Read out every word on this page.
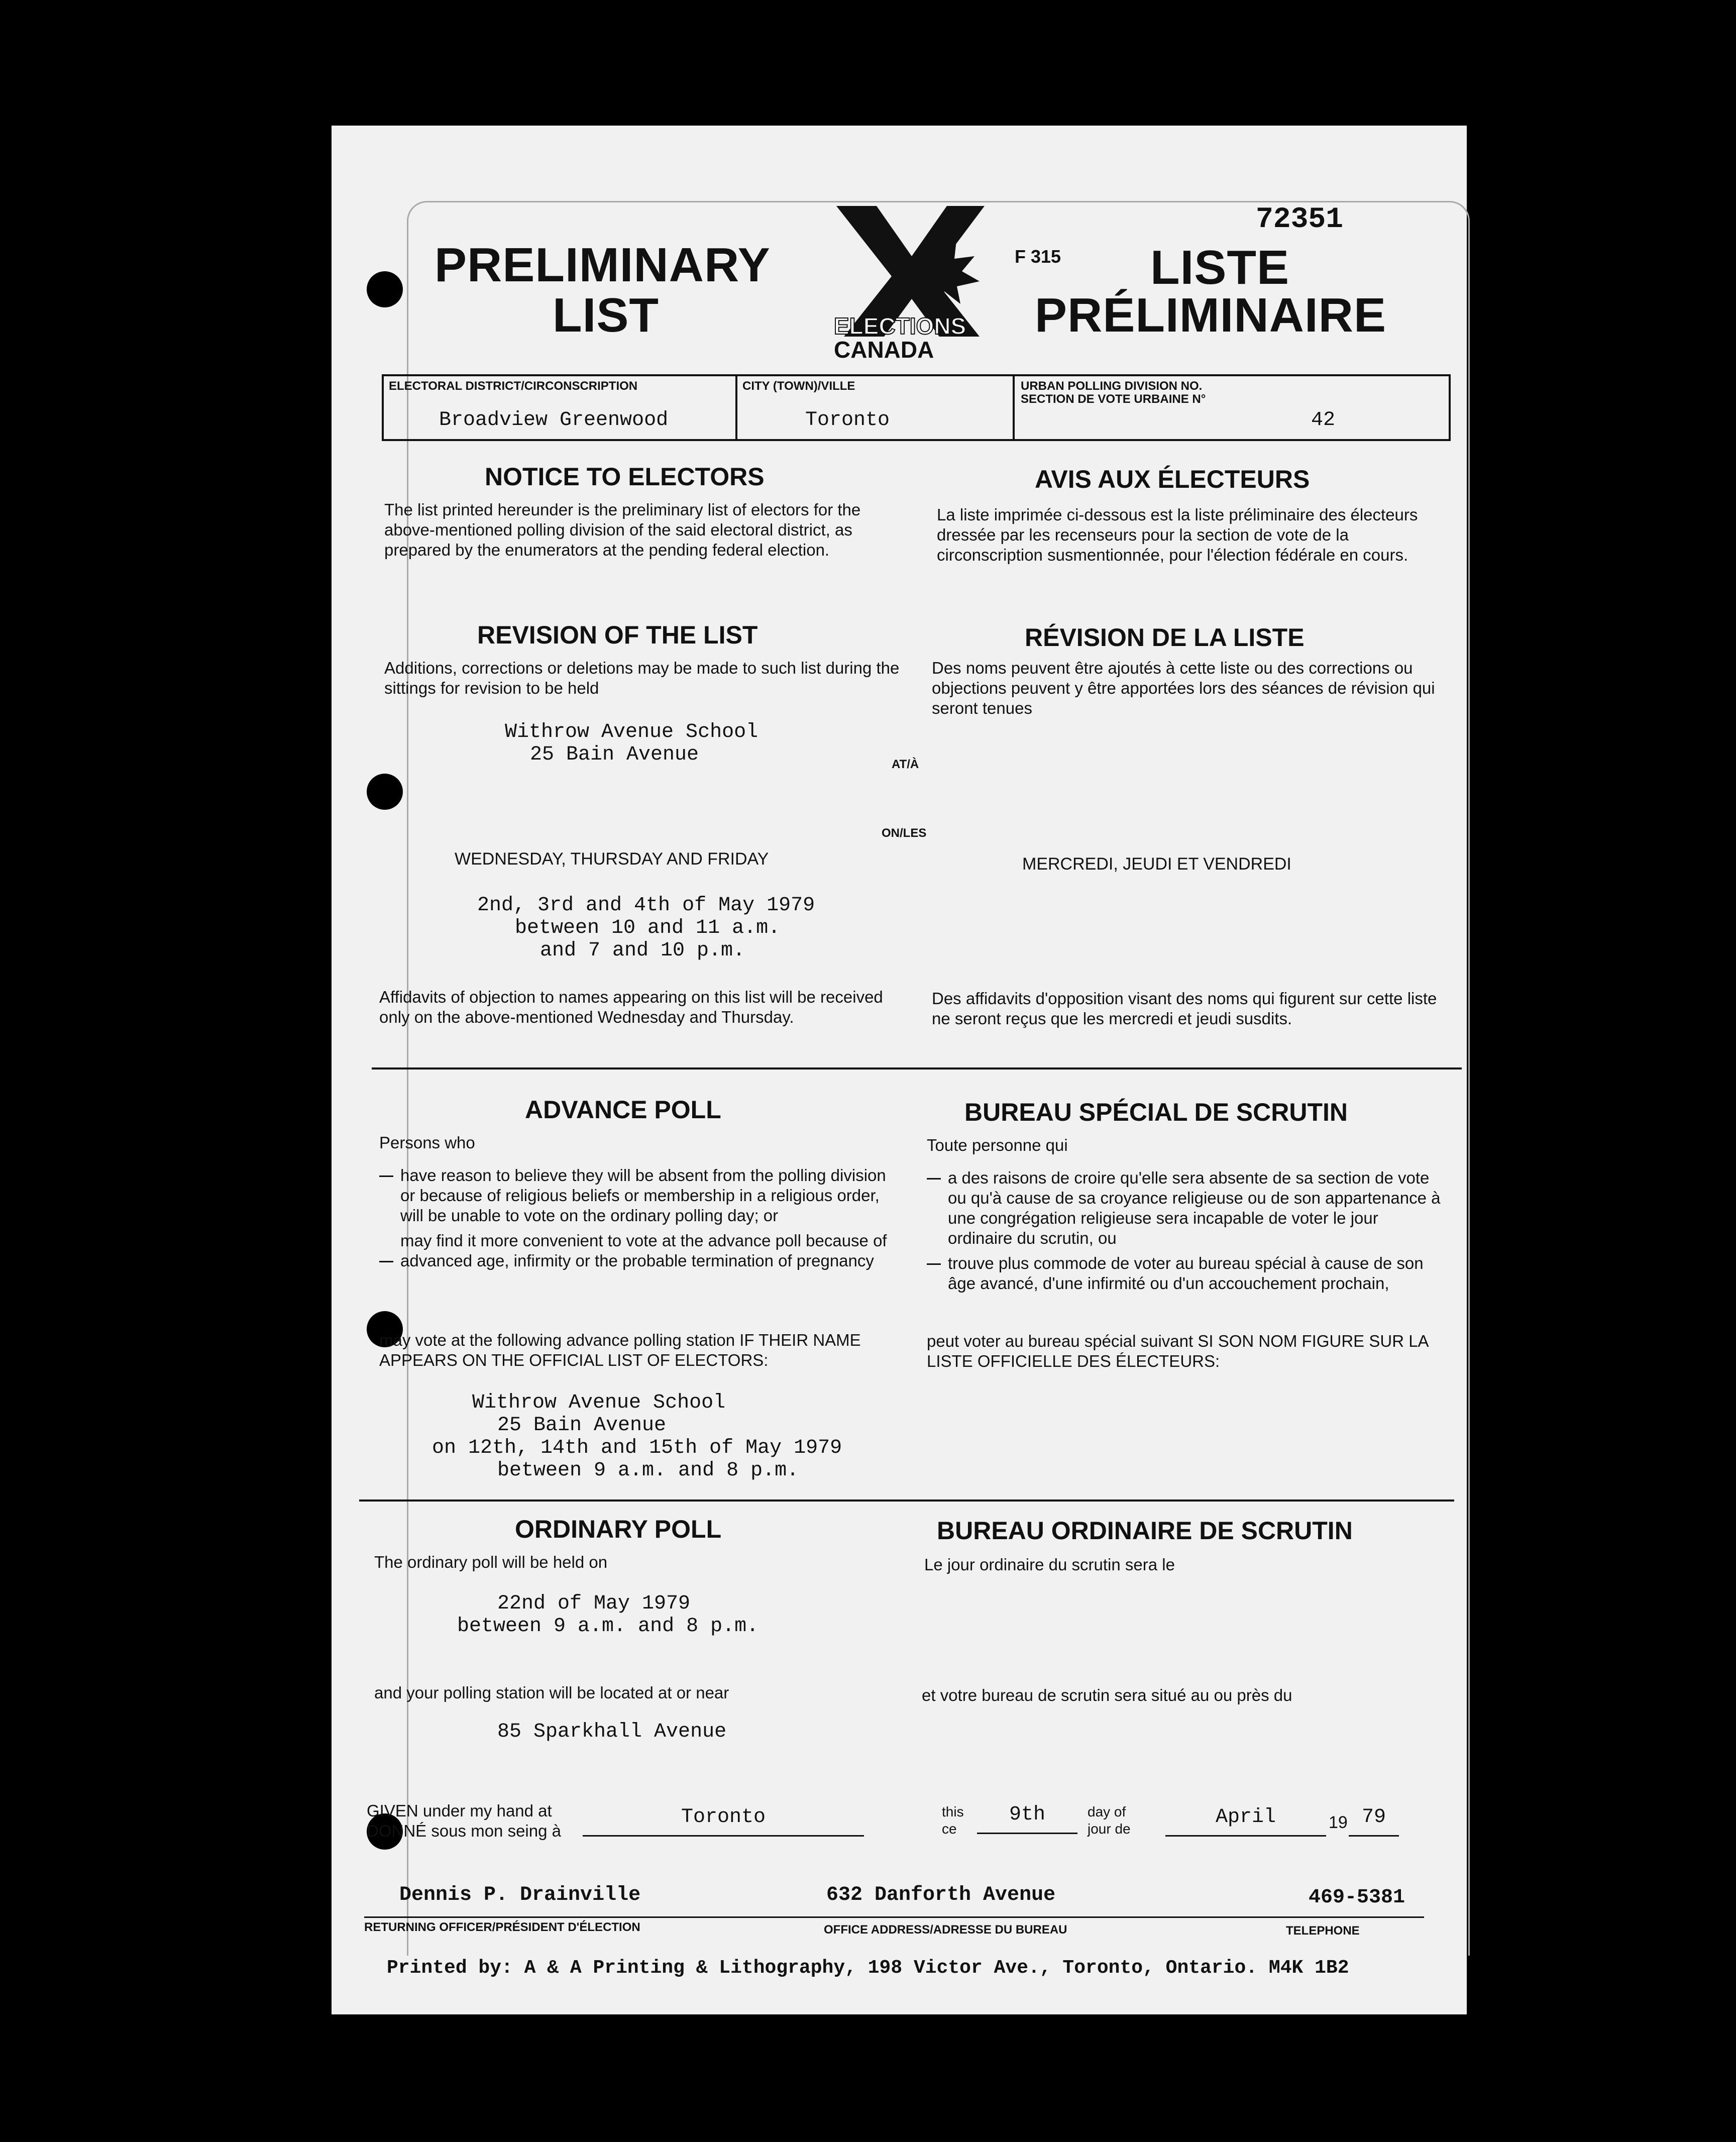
72351
PRELIMINARY
LIST	ELECTIONS
CANADA
F 315 LISTE
PRÉLIMINAIRE
ELECTORAL DISTRICT/CIRCONSCRIPTION
Broadview Greenwood
CITY (TOWN)/VILLE
Toronto
URBAN POLLING DIVISION NO.
SECTION DE VOTE URBAINE N°
42
NOTICE TO ELECTORS	AVIS AUX ÉLECTEURS
The list printed hereunder is the preliminary list of electors for the above-mentioned polling division of the said electoral district, as prepared by the enumerators at the pending federal election.
La liste imprimée ci-dessous est la liste préliminaire des électeurs dressée par les recenseurs pour la section de vote de la circonscription susmentionnée, pour l'élection fédérale en cours.
REVISION OF THE LIST	RÉVISION DE LA LISTE
Additions, corrections or deletions may be made to such list during the sittings for revision to be held
Des noms peuvent être ajoutés à cette liste ou des corrections ou objections peuvent y être apportées lors des séances de révision qui seront tenues
Withrow Avenue School
25 Bain Avenue	AT/À
ON/LES
WEDNESDAY, THURSDAY AND FRIDAY	MERCREDI, JEUDI ET VENDREDI
2nd, 3rd and 4th of May 1979
between 10 and 11 a.m.
and 7 and 10 p.m.
Affidavits of objection to names appearing on this list will be received only on the above-mentioned Wednesday and Thursday.
Des affidavits d'opposition visant des noms qui figurent sur cette liste ne seront reçus que les mercredi et jeudi susdits.
ADVANCE POLL	BUREAU SPÉCIAL DE SCRUTIN
Persons who	Toute personne qui
have reason to believe they will be absent from the polling division or because of religious beliefs or membership in a religious order, will be unable to vote on the ordinary polling day; or
may find it more convenient to vote at the advance poll because of advanced age, infirmity or the probable termination of pregnancy
a des raisons de croire qu'elle sera absente de sa section de vote ou qu'à cause de sa croyance religieuse ou de son appartenance à une congrégation religieuse sera incapable de voter le jour ordinaire du scrutin, ou
trouve plus commode de voter au bureau spécial à cause de son âge avancé, d'une infirmité ou d'un accouchement prochain,
may vote at the following advance polling station IF THEIR NAME APPEARS ON THE OFFICIAL LIST OF ELECTORS:
peut voter au bureau spécial suivant SI SON NOM FIGURE SUR LA LISTE OFFICIELLE DES ÉLECTEURS:
Withrow Avenue School
25 Bain Avenue
on 12th, 14th and 15th of May 1979
between 9 a.m. and 8 p.m.
ORDINARY POLL	BUREAU ORDINAIRE DE SCRUTIN
The ordinary poll will be held on	Le jour ordinaire du scrutin sera le
22nd of May 1979
between 9 a.m. and 8 p.m.
and your polling station will be located at or near	et votre bureau de scrutin sera situé au ou près du
85 Sparkhall Avenue
GIVEN under my hand at
DONNÉ sous mon seing à
Toronto	this
ce
9th	day of
jour de
April	19 79
Dennis P. Drainville	632 Danforth Avenue	469-5381
RETURNING OFFICER/PRÉSIDENT D'ÉLECTION	OFFICE ADDRESS/ADRESSE DU BUREAU	TELEPHONE
Printed by: A & A Printing & Lithography, 198 Victor Ave., Toronto, Ontario. M4K 1B2
